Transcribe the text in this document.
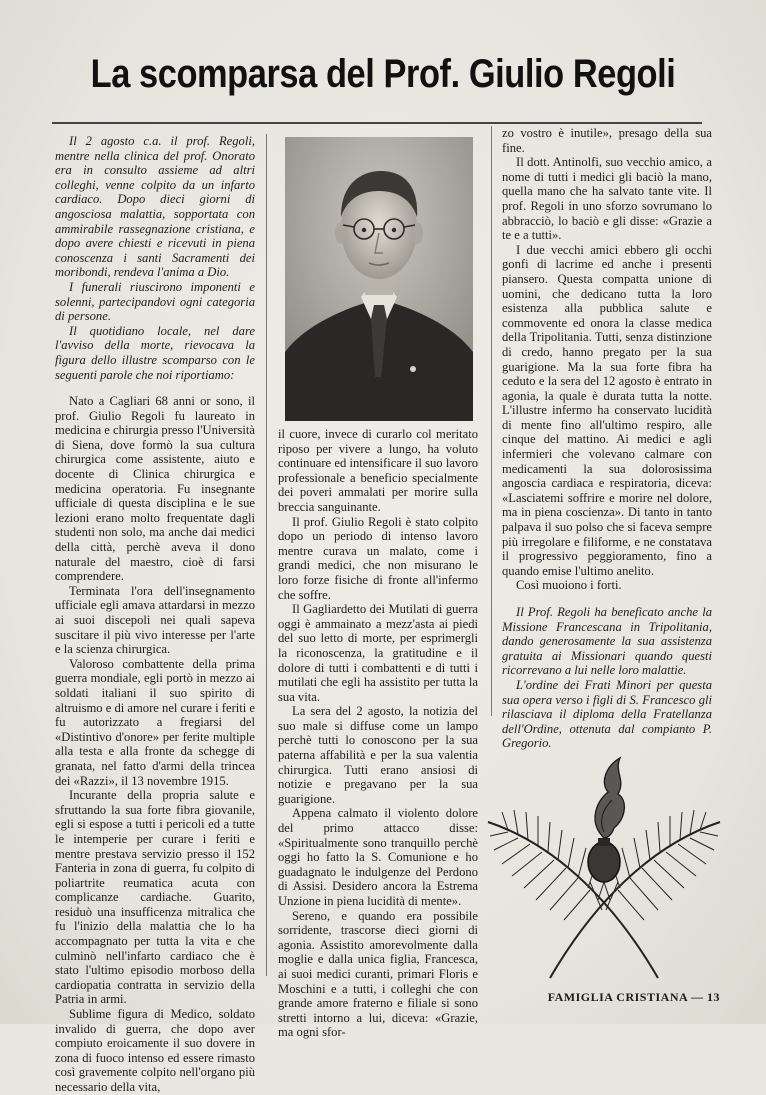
La scomparsa del Prof. Giulio Regoli

Il 2 agosto c.a. il prof. Regoli, mentre nella clinica del prof. Onorato era in consulto assieme ad altri colleghi, venne colpito da un infarto cardiaco. Dopo dieci giorni di angosciosa malattia, sopportata con ammirabile rassegnazione cristiana, e dopo avere chiesti e ricevuti in piena conoscenza i santi Sacramenti dei moribondi, rendeva l'anima a Dio.

I funerali riuscirono imponenti e solenni, partecipandovi ogni categoria di persone.

Il quotidiano locale, nel dare l'avviso della morte, rievocava la figura dello illustre scomparso con le seguenti parole che noi riportiamo:

Nato a Cagliari 68 anni or sono, il prof. Giulio Regoli fu laureato in medicina e chirurgia presso l'Università di Siena, dove formò la sua cultura chirurgica come assistente, aiuto e docente di Clinica chirurgica e medicina operatoria. Fu insegnante ufficiale di questa disciplina e le sue lezioni erano molto frequentate dagli studenti non solo, ma anche dai medici della città, perchè aveva il dono naturale del maestro, cioè di farsi comprendere.

Terminata l'ora dell'insegnamento ufficiale egli amava attardarsi in mezzo ai suoi discepoli nei quali sapeva suscitare il più vivo interesse per l'arte e la scienza chirurgica.

Valoroso combattente della prima guerra mondiale, egli portò in mezzo ai soldati italiani il suo spirito di altruismo e di amore nel curare i feriti e fu autorizzato a fregiarsi del «Distintivo d'onore» per ferite multiple alla testa e alla fronte da schegge di granata, nel fatto d'armi della trincea dei «Razzi», il 13 novembre 1915.

Incurante della propria salute e sfruttando la sua forte fibra giovanile, egli si espose a tutti i pericoli ed a tutte le intemperie per curare i feriti e mentre prestava servizio presso il 152 Fanteria in zona di guerra, fu colpito di poliartrite reumatica acuta con complicanze cardiache. Guarito, residuò una insufficenza mitralica che fu l'inizio della malattia che lo ha accompagnato per tutta la vita e che culminò nell'infarto cardiaco che è stato l'ultimo episodio morboso della cardiopatia contratta in servizio della Patria in armi.

Sublime figura di Medico, soldato invalido di guerra, che dopo aver compiuto eroicamente il suo dovere in zona di fuoco intenso ed essere rimasto così gravemente colpito nell'organo più necessario della vita,

il cuore, invece di curarlo col meritato riposo per vivere a lungo, ha voluto continuare ed intensificare il suo lavoro professionale a beneficio specialmente dei poveri ammalati per morire sulla breccia sanguinante.

Il prof. Giulio Regoli è stato colpito dopo un periodo di intenso lavoro mentre curava un malato, come i grandi medici, che non misurano le loro forze fisiche di fronte all'infermo che soffre.

Il Gagliardetto dei Mutilati di guerra oggi è ammainato a mezz'asta ai piedi del suo letto di morte, per esprimergli la riconoscenza, la gratitudine e il dolore di tutti i combattenti e di tutti i mutilati che egli ha assistito per tutta la sua vita.

La sera del 2 agosto, la notizia del suo male si diffuse come un lampo perchè tutti lo conoscono per la sua paterna affabilità e per la sua valentia chirurgica. Tutti erano ansiosi di notizie e pregavano per la sua guarigione.

Appena calmato il violento dolore del primo attacco disse: «Spiritualmente sono tranquillo perchè oggi ho fatto la S. Comunione e ho guadagnato le indulgenze del Perdono di Assisi. Desidero ancora la Estrema Unzione in piena lucidità di mente».

Sereno, e quando era possibile sorridente, trascorse dieci giorni di agonia. Assistito amorevolmente dalla moglie e dalla unica figlia, Francesca, ai suoi medici curanti, primari Floris e Moschini e a tutti, i colleghi che con grande amore fraterno e filiale si sono stretti intorno a lui, diceva: «Grazie, ma ogni sfor-

zo vostro è inutile», presago della sua fine.

Il dott. Antinolfi, suo vecchio amico, a nome di tutti i medici gli baciò la mano, quella mano che ha salvato tante vite. Il prof. Regoli in uno sforzo sovrumano lo abbracciò, lo baciò e gli disse: «Grazie a te e a tutti».

I due vecchi amici ebbero gli occhi gonfi di lacrime ed anche i presenti piansero. Questa compatta unione di uomini, che dedicano tutta la loro esistenza alla pubblica salute e commovente ed onora la classe medica della Tripolitania. Tutti, senza distinzione di credo, hanno pregato per la sua guarigione. Ma la sua forte fibra ha ceduto e la sera del 12 agosto è entrato in agonia, la quale è durata tutta la notte. L'illustre infermo ha conservato lucidità di mente fino all'ultimo respiro, alle cinque del mattino. Ai medici e agli infermieri che volevano calmare con medicamenti la sua dolorosissima angoscia cardiaca e respiratoria, diceva: «Lasciatemi soffrire e morire nel dolore, ma in piena coscienza». Di tanto in tanto palpava il suo polso che si faceva sempre più irregolare e filiforme, e ne constatava il progressivo peggioramento, fino a quando emise l'ultimo anelito.

Così muoiono i forti.

Il Prof. Regoli ha beneficato anche la Missione Francescana in Tripolitania, dando generosamente la sua assistenza gratuita ai Missionari quando questi ricorrevano a lui nelle loro malattie.

L'ordine dei Frati Minori per questa sua opera verso i figli di S. Francesco gli rilasciava il diploma della Fratellanza dell'Ordine, ottenuta dal compianto P. Gregorio.

FAMIGLIA CRISTIANA — 13
